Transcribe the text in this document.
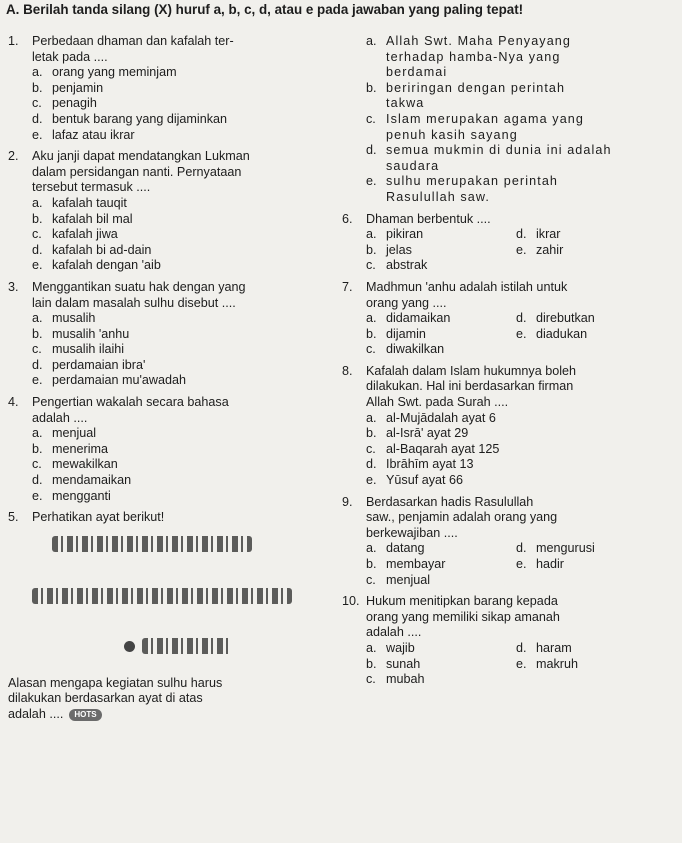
A. Berilah tanda silang (X) huruf a, b, c, d, atau e pada jawaban yang paling tepat!
1. Perbedaan dhaman dan kafalah ter-
letak pada ....
a. orang yang meminjam
b. penjamin
c. penagih
d. bentuk barang yang dijaminkan
e. lafaz atau ikrar
2. Aku janji dapat mendatangkan Lukman
dalam persidangan nanti. Pernyataan
tersebut termasuk ....
a. kafalah tauqit
b. kafalah bil mal
c. kafalah jiwa
d. kafalah bi ad-dain
e. kafalah dengan 'aib
3. Menggantikan suatu hak dengan yang
lain dalam masalah sulhu disebut ....
a. musalih
b. musalih 'anhu
c. musalih ilaihi
d. perdamaian ibra'
e. perdamaian mu'awadah
4. Pengertian wakalah secara bahasa
adalah ....
a. menjual
b. menerima
c. mewakilkan
d. mendamaikan
e. mengganti
5. Perhatikan ayat berikut!
Alasan mengapa kegiatan sulhu harus
dilakukan berdasarkan ayat di atas
adalah .... HOTS
a. Allah Swt. Maha Penyayang
terhadap hamba-Nya yang
berdamai
b. beriringan dengan perintah
takwa
c. Islam merupakan agama yang
penuh kasih sayang
d. semua mukmin di dunia ini adalah
saudara
e. sulhu merupakan perintah
Rasulullah saw.
6. Dhaman berbentuk ....
a. pikiran	d. ikrar
b. jelas	e. zahir
c. abstrak
7. Madhmun 'anhu adalah istilah untuk
orang yang ....
a. didamaikan	d. direbutkan
b. dijamin	e. diadukan
c. diwakilkan
8. Kafalah dalam Islam hukumnya boleh
dilakukan. Hal ini berdasarkan firman
Allah Swt. pada Surah ....
a. al-Mujādalah ayat 6
b. al-Isrā' ayat 29
c. al-Baqarah ayat 125
d. Ibrāhīm ayat 13
e. Yūsuf ayat 66
9. Berdasarkan hadis Rasulullah
saw., penjamin adalah orang yang
berkewajiban ....
a. datang	d. mengurusi
b. membayar	e. hadir
c. menjual
10. Hukum menitipkan barang kepada
orang yang memiliki sikap amanah
adalah ....
a. wajib	d. haram
b. sunah	e. makruh
c. mubah
